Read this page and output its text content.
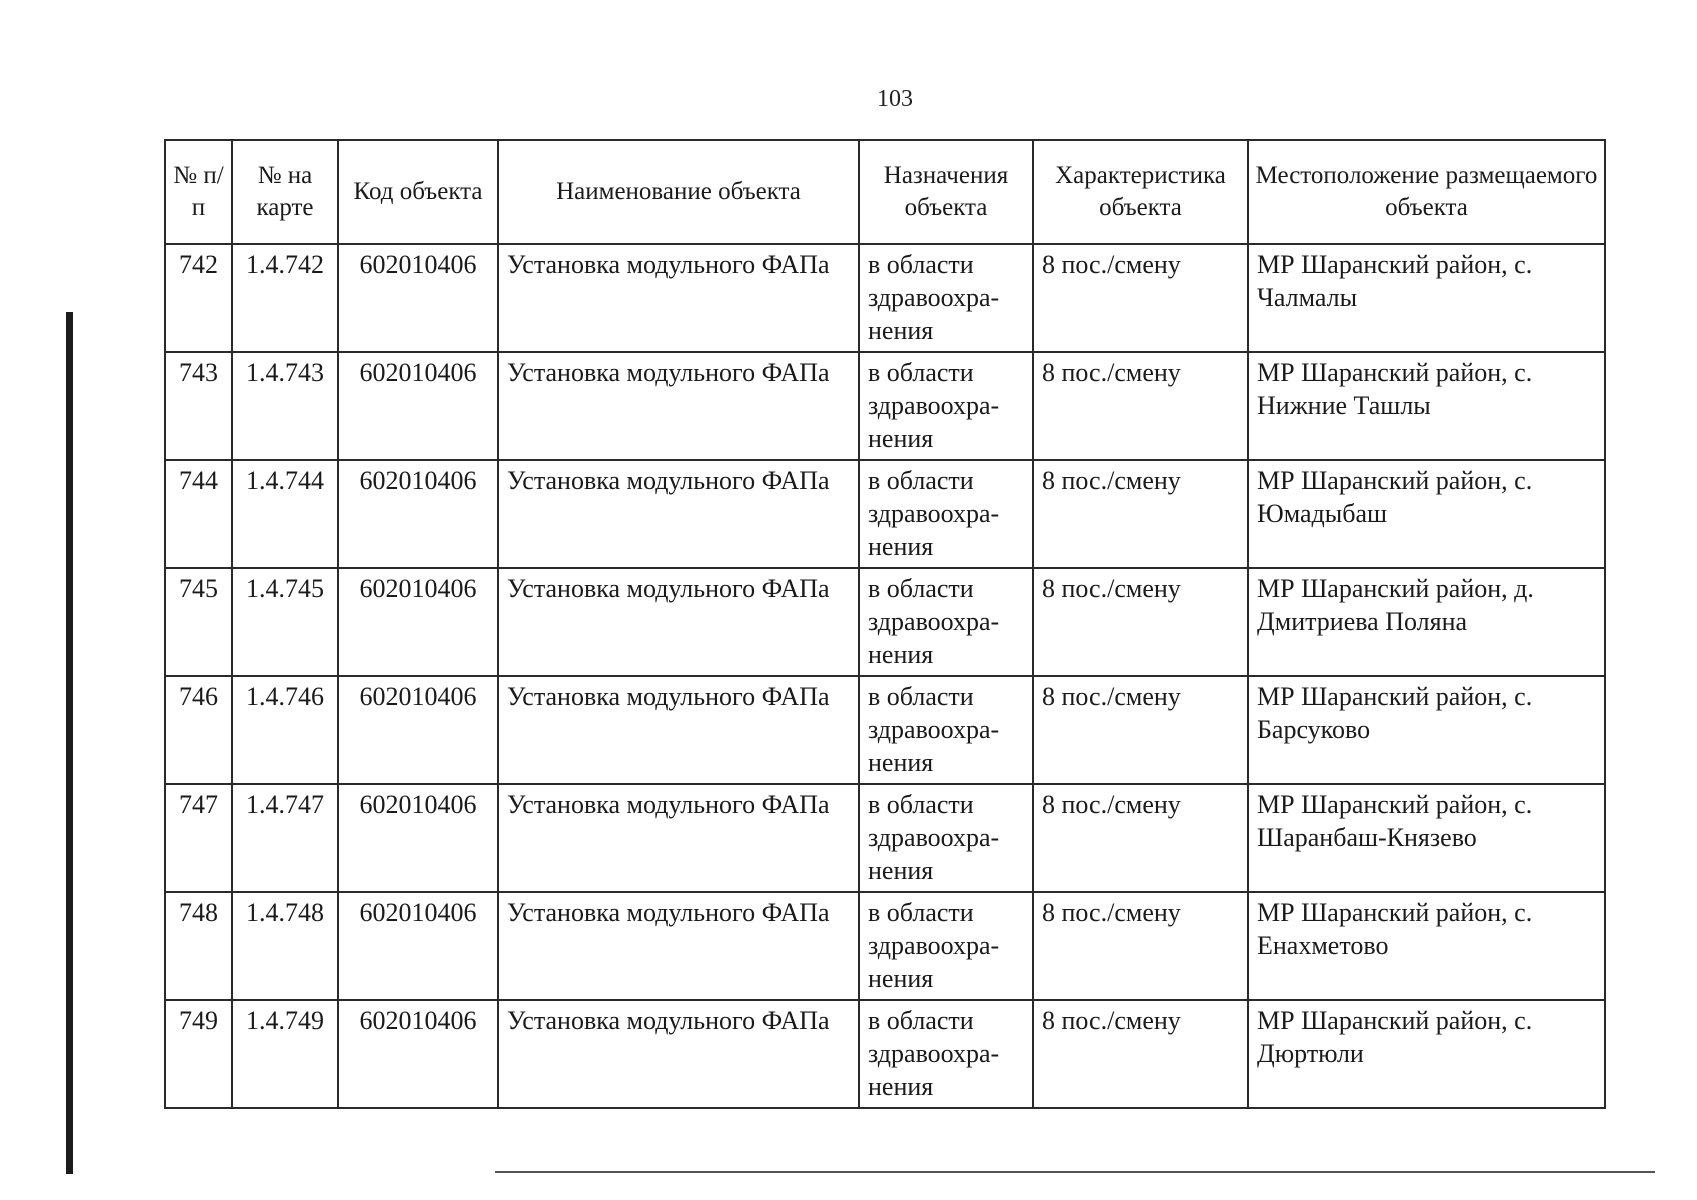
103
№ п/п	№ на карте	Код объекта	Наименование объекта	Назначения объекта	Характеристика объекта	Местоположение размещаемого объекта
742	1.4.742	602010406	Установка модульного ФАПа	в области здравоохра-нения	8 пос./смену	МР Шаранский район, с. Чалмалы
743	1.4.743	602010406	Установка модульного ФАПа	в области здравоохра-нения	8 пос./смену	МР Шаранский район, с. Нижние Ташлы
744	1.4.744	602010406	Установка модульного ФАПа	в области здравоохра-нения	8 пос./смену	МР Шаранский район, с. Юмадыбаш
745	1.4.745	602010406	Установка модульного ФАПа	в области здравоохра-нения	8 пос./смену	МР Шаранский район, д. Дмитриева Поляна
746	1.4.746	602010406	Установка модульного ФАПа	в области здравоохра-нения	8 пос./смену	МР Шаранский район, с. Барсуково
747	1.4.747	602010406	Установка модульного ФАПа	в области здравоохра-нения	8 пос./смену	МР Шаранский район, с. Шаранбаш-Князево
748	1.4.748	602010406	Установка модульного ФАПа	в области здравоохра-нения	8 пос./смену	МР Шаранский район, с. Енахметово
749	1.4.749	602010406	Установка модульного ФАПа	в области здравоохра-нения	8 пос./смену	МР Шаранский район, с. Дюртюли
